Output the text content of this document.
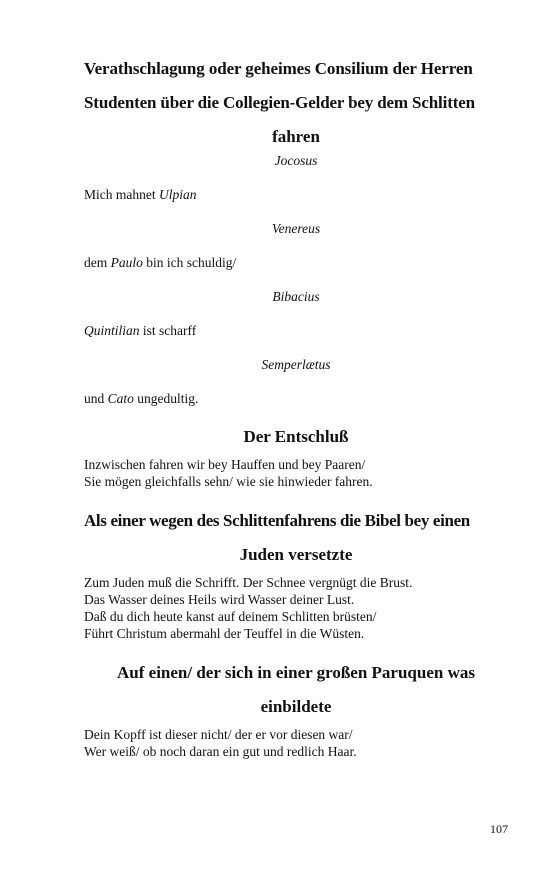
Verathschlagung oder geheimes Consilium der Herren
Studenten über die Collegien-Gelder bey dem Schlitten
fahren

Jocosus

Mich mahnet Ulpian

Venereus

dem Paulo bin ich schuldig/

Bibacius

Quintilian ist scharff

Semperlætus

und Cato ungedultig.

Der Entschluß
Inzwischen fahren wir bey Hauffen und bey Paaren/
Sie mögen gleichfalls sehn/ wie sie hinwieder fahren.
Als einer wegen des Schlittenfahrens die Bibel bey einen
Juden versetzte
Zum Juden muß die Schrifft. Der Schnee vergnügt die Brust.
Das Wasser deines Heils wird Wasser deiner Lust.
Daß du dich heute kanst auf deinem Schlitten brüsten/
Führt Christum abermahl der Teuffel in die Wüsten.
Auf einen/ der sich in einer großen Paruquen was
einbildete
Dein Kopff ist dieser nicht/ der er vor diesen war/
Wer weiß/ ob noch daran ein gut und redlich Haar.
107
